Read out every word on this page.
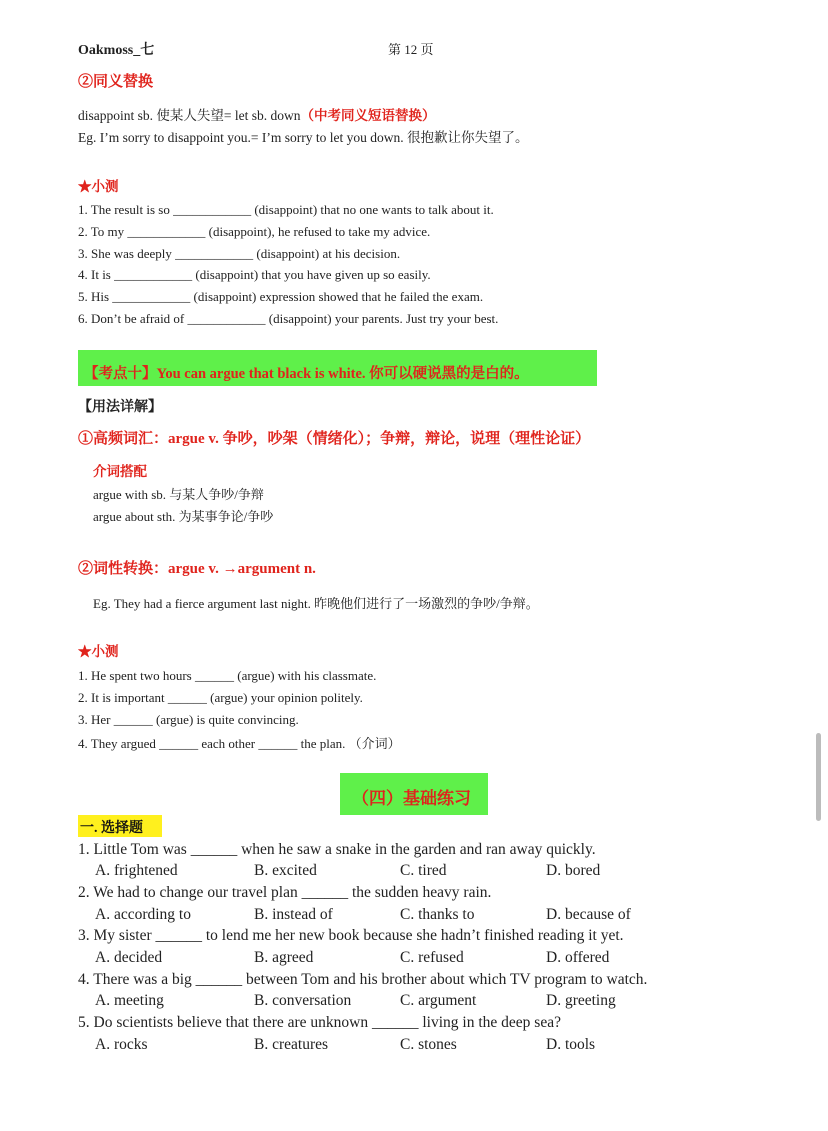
Oakmoss_七	第 12 页
②同义替换
disappoint sb. 使某人失望= let sb. down（中考同义短语替换）
Eg. I’m sorry to disappoint you.= I’m sorry to let you down. 很抱歉让你失望了。
★小测
1. The result is so ____________ (disappoint) that no one wants to talk about it.
2. To my ____________ (disappoint), he refused to take my advice.
3. She was deeply ____________ (disappoint) at his decision.
4. It is ____________ (disappoint) that you have given up so easily.
5. His ____________ (disappoint) expression showed that he failed the exam.
6. Don’t be afraid of ____________ (disappoint) your parents. Just try your best.
【考点十】You can argue that black is white. 你可以硬说黑的是白的。
【用法详解】
①高频词汇：argue v. 争吵，吵架（情绪化）；争辩，辩论，说理（理性论证）
介词搭配
argue with sb. 与某人争吵/争辩
argue about sth. 为某事争论/争吵
②词性转换：argue v. →argument n.
Eg. They had a fierce argument last night. 昨晚他们进行了一场激烈的争吵/争辩。
★小测
1. He spent two hours ______ (argue) with his classmate.
2. It is important ______ (argue) your opinion politely.
3. Her ______ (argue) is quite convincing.
4. They argued ______ each other ______ the plan. （介词）
（四）基础练习
一. 选择题
1. Little Tom was ______ when he saw a snake in the garden and ran away quickly.
A. frightened	B. excited	C. tired	D. bored
2. We had to change our travel plan ______ the sudden heavy rain.
A. according to	B. instead of	C. thanks to	D. because of
3. My sister ______ to lend me her new book because she hadn’t finished reading it yet.
A. decided	B. agreed	C. refused	D. offered
4. There was a big ______ between Tom and his brother about which TV program to watch.
A. meeting	B. conversation	C. argument	D. greeting
5. Do scientists believe that there are unknown ______ living in the deep sea?
A. rocks	B. creatures	C. stones	D. tools
